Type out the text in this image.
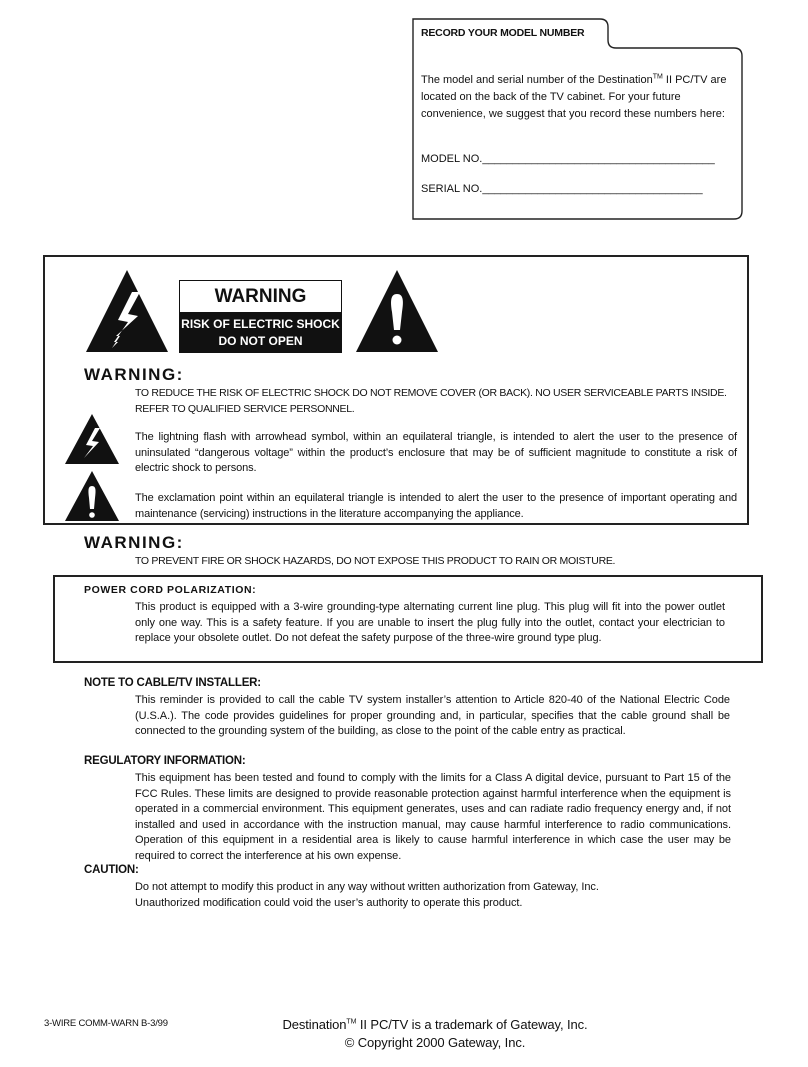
RECORD YOUR MODEL NUMBER
The model and serial number of the Destination™ II PC/TV are located on the back of the TV cabinet. For your future convenience, we suggest that you record these numbers here:
MODEL NO.______________________________________
SERIAL NO.____________________________________
WARNING
RISK OF ELECTRIC SHOCK
DO NOT OPEN
WARNING:
TO REDUCE THE RISK OF ELECTRIC SHOCK DO NOT REMOVE COVER (OR BACK). NO USER SERVICEABLE PARTS INSIDE. REFER TO QUALIFIED SERVICE PERSONNEL.
The lightning flash with arrowhead symbol, within an equilateral triangle, is intended to alert the user to the presence of uninsulated “dangerous voltage” within the product’s enclosure that may be of sufficient magnitude to constitute a risk of electric shock to persons.
The exclamation point within an equilateral triangle is intended to alert the user to the presence of important operating and maintenance (servicing) instructions in the literature accompanying the appliance.
WARNING:
TO PREVENT FIRE OR SHOCK HAZARDS, DO NOT EXPOSE THIS PRODUCT TO RAIN OR MOISTURE.
POWER CORD POLARIZATION:
This product is equipped with a 3-wire grounding-type alternating current line plug. This plug will fit into the power outlet only one way. This is a safety feature. If you are unable to insert the plug fully into the outlet, contact your electrician to replace your obsolete outlet. Do not defeat the safety purpose of the three-wire ground type plug.
NOTE TO CABLE/TV INSTALLER:
This reminder is provided to call the cable TV system installer’s attention to Article 820-40 of the National Electric Code (U.S.A.). The code provides guidelines for proper grounding and, in particular, specifies that the cable ground shall be connected to the grounding system of the building, as close to the point of the cable entry as practical.
REGULATORY INFORMATION:
This equipment has been tested and found to comply with the limits for a Class A digital device, pursuant to Part 15 of the FCC Rules. These limits are designed to provide reasonable protection against harmful interference when the equipment is operated in a commercial environment. This equipment generates, uses and can radiate radio frequency energy and, if not installed and used in accordance with the instruction manual, may cause harmful interference to radio communications. Operation of this equipment in a residential area is likely to cause harmful interference in which case the user may be required to correct the interference at his own expense.
CAUTION:
Do not attempt to modify this product in any way without written authorization from Gateway, Inc.
Unauthorized modification could void the user’s authority to operate this product.
3-WIRE COMM-WARN B-3/99	Destination™ II PC/TV is a trademark of Gateway, Inc.
© Copyright 2000 Gateway, Inc.
